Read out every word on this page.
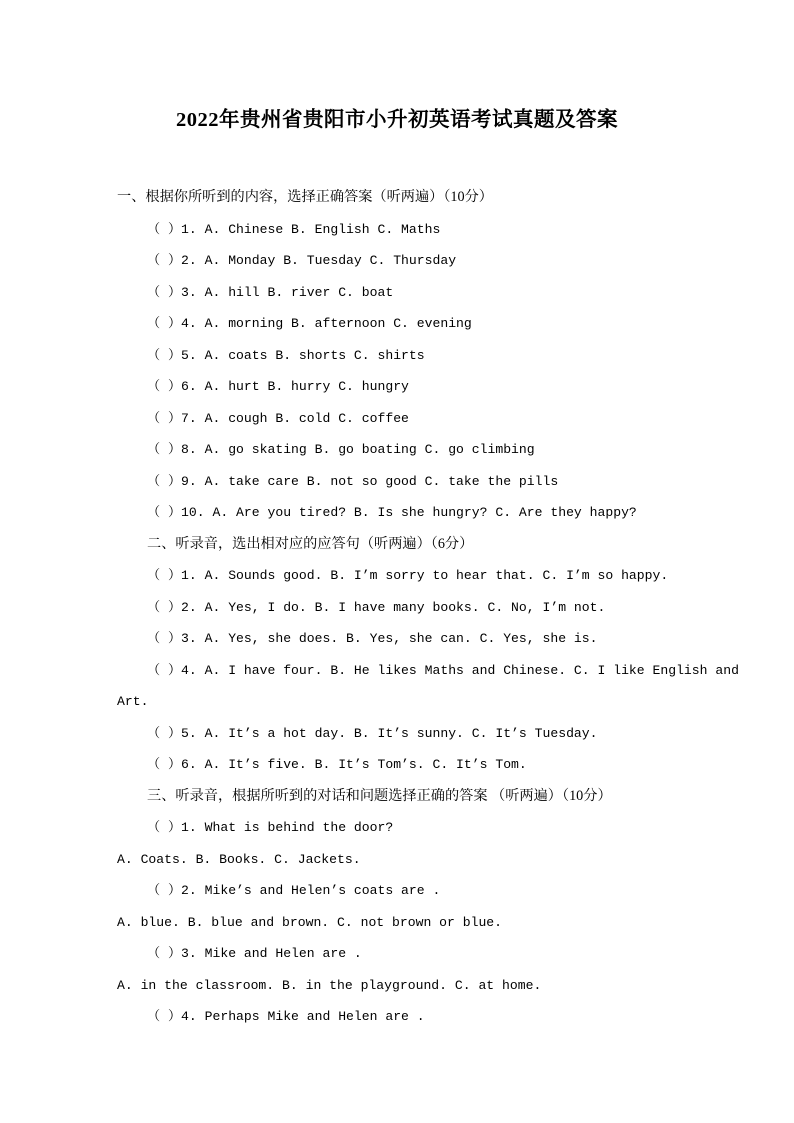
2022年贵州省贵阳市小升初英语考试真题及答案

一、根据你所听到的内容，选择正确答案（听两遍）（10分）

（ ）1. A. Chinese B. English C. Maths

（ ）2. A. Monday B. Tuesday C. Thursday

（ ）3. A. hill B. river C. boat

（ ）4. A. morning B. afternoon C. evening

（ ）5. A. coats B. shorts C. shirts

（ ）6. A. hurt B. hurry C. hungry

（ ）7. A. cough B. cold C. coffee

（ ）8. A. go skating B. go boating C. go climbing

（ ）9. A. take care B. not so good C. take the pills

（ ）10. A. Are you tired? B. Is she hungry? C. Are they happy?

二、听录音，选出相对应的应答句（听两遍）（6分）

（ ）1. A. Sounds good. B. I’m sorry to hear that. C. I’m so happy.

（ ）2. A. Yes, I do. B. I have many books. C. No, I’m not.

（ ）3. A. Yes, she does. B. Yes, she can. C. Yes, she is.

（ ）4. A. I have four. B. He likes Maths and Chinese. C. I like English and

Art.

（ ）5. A. It’s a hot day. B. It’s sunny. C. It’s Tuesday.

（ ）6. A. It’s five. B. It’s Tom’s. C. It’s Tom.

三、听录音，根据所听到的对话和问题选择正确的答案 （听两遍）（10分）

（ ）1. What is behind the door?

A. Coats. B. Books. C. Jackets.

（ ）2. Mike’s and Helen’s coats are .

A. blue. B. blue and brown. C. not brown or blue.

（ ）3. Mike and Helen are .

A. in the classroom. B. in the playground. C. at home.

（ ）4. Perhaps Mike and Helen are .
